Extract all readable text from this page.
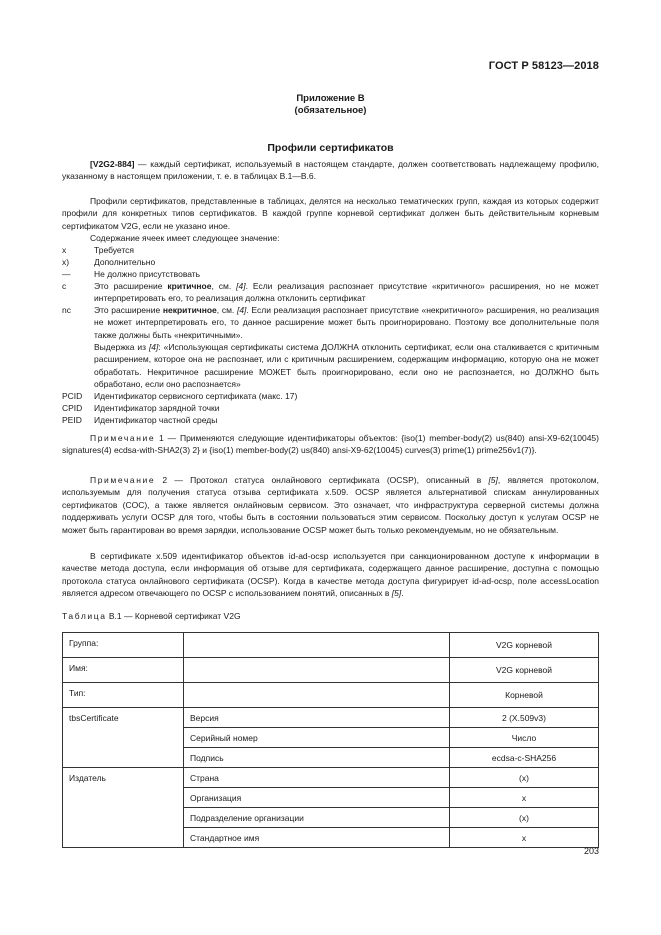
ГОСТ Р 58123—2018
Приложение В
(обязательное)
Профили сертификатов
[V2G2-884] — каждый сертификат, используемый в настоящем стандарте, должен соответствовать надлежащему профилю, указанному в настоящем приложении, т. е. в таблицах В.1—В.6.
Профили сертификатов, представленные в таблицах, делятся на несколько тематических групп, каждая из которых содержит профили для конкретных типов сертификатов. В каждой группе корневой сертификат должен быть действительным корневым сертификатом V2G, если не указано иное.
Содержание ячеек имеет следующее значение:
x	Требуется
x)	Дополнительно
—	Не должно присутствовать
c	Это расширение критичное, см. [4]. Если реализация распознает присутствие «критичного» расширения, но не может интерпретировать его, то реализация должна отклонить сертификат
nc	Это расширение некритичное, см. [4]. Если реализация распознает присутствие «некритичного» расширения, но реализация не может интерпретировать его, то данное расширение может быть проигнорировано. Поэтому все дополнительные поля также должны быть «некритичными».
Выдержка из [4]: «Использующая сертификаты система ДОЛЖНА отклонить сертификат, если она сталкивается с критичным расширением, которое она не распознает, или с критичным расширением, содержащим информацию, которую она не может обработать. Некритичное расширение МОЖЕТ быть проигнорировано, если оно не распознается, но ДОЛЖНО быть обработано, если оно распознается»
PCID Идентификатор сервисного сертификата (макс. 17)
CPID Идентификатор зарядной точки
PEID Идентификатор частной среды
Примечание 1 — Применяются следующие идентификаторы объектов: {iso(1) member-body(2) us(840) ansi-X9-62(10045) signatures(4) ecdsa-with-SHA2(3) 2} и {iso(1) member-body(2) us(840) ansi-X9-62(10045) curves(3) prime(1) prime256v1(7)}.
Примечание 2 — Протокол статуса онлайнового сертификата (OCSP), описанный в [5], является протоколом, используемым для получения статуса отзыва сертификата x.509. OCSP является альтернативой спискам аннулированных сертификатов (COC), а также является онлайновым сервисом. Это означает, что инфраструктура серверной системы должна поддерживать услуги OCSP для того, чтобы быть в состоянии пользоваться этим сервисом. Поскольку доступ к услугам OCSP не может быть гарантирован во время зарядки, использование OCSP может быть только рекомендуемым, но не обязательным.
В сертификате x.509 идентификатор объектов id-ad-ocsp используется при санкционированном доступе к информации в качестве метода доступа, если информация об отзыве для сертификата, содержащего данное расширение, доступна с помощью протокола статуса онлайнового сертификата (OCSP). Когда в качестве метода доступа фигурирует id-ad-ocsp, поле accessLocation является адресом отвечающего по OCSP с использованием понятий, описанных в [5].
Таблица В.1 — Корневой сертификат V2G
Группа:		V2G корневой
Имя:		V2G корневой
Тип:		Корневой
tbsCertificate	Версия	2 (X.509v3)
	Серийный номер	Число
	Подпись	ecdsa-c-SHA256
Издатель	Страна	(x)
	Организация	x
	Подразделение организации	(x)
	Стандартное имя	x
203
